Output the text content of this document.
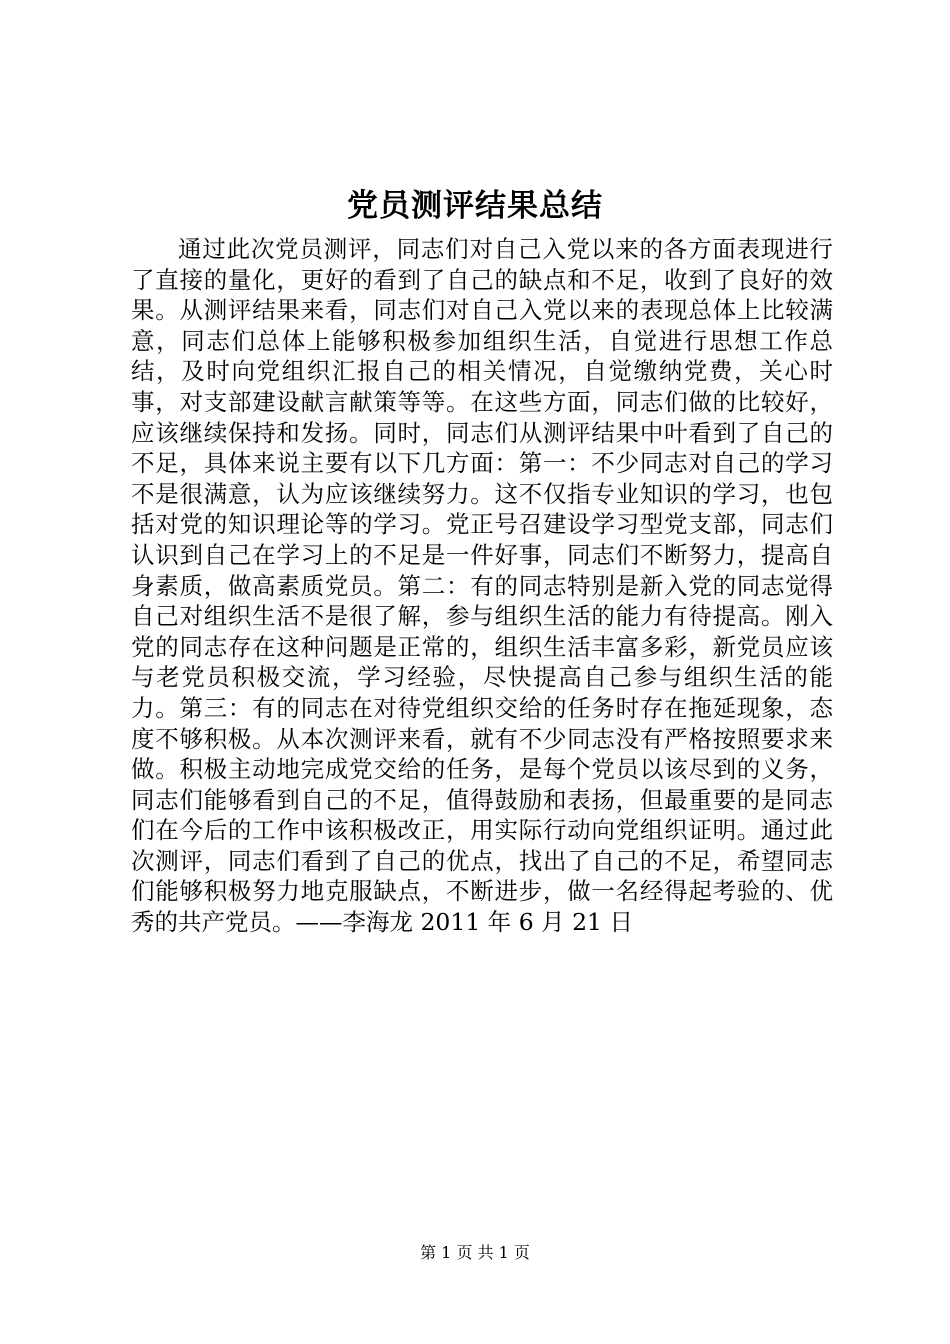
党员测评结果总结

通过此次党员测评，同志们对自己入党以来的各方面表现进行了直接的量化，更好的看到了自己的缺点和不足，收到了良好的效果。从测评结果来看，同志们对自己入党以来的表现总体上比较满意，同志们总体上能够积极参加组织生活，自觉进行思想工作总结，及时向党组织汇报自己的相关情况，自觉缴纳党费，关心时事，对支部建设献言献策等等。在这些方面，同志们做的比较好，应该继续保持和发扬。同时，同志们从测评结果中叶看到了自己的不足，具体来说主要有以下几方面：第一：不少同志对自己的学习不是很满意，认为应该继续努力。这不仅指专业知识的学习，也包括对党的知识理论等的学习。党正号召建设学习型党支部，同志们认识到自己在学习上的不足是一件好事，同志们不断努力，提高自身素质，做高素质党员。第二：有的同志特别是新入党的同志觉得自己对组织生活不是很了解，参与组织生活的能力有待提高。刚入党的同志存在这种问题是正常的，组织生活丰富多彩，新党员应该与老党员积极交流，学习经验，尽快提高自己参与组织生活的能力。第三：有的同志在对待党组织交给的任务时存在拖延现象，态度不够积极。从本次测评来看，就有不少同志没有严格按照要求来做。积极主动地完成党交给的任务，是每个党员以该尽到的义务，同志们能够看到自己的不足，值得鼓励和表扬，但最重要的是同志们在今后的工作中该积极改正，用实际行动向党组织证明。通过此次测评，同志们看到了自己的优点，找出了自己的不足，希望同志们能够积极努力地克服缺点，不断进步，做一名经得起考验的、优秀的共产党员。——李海龙 2011 年 6 月 21 日

第 1 页 共 1 页
